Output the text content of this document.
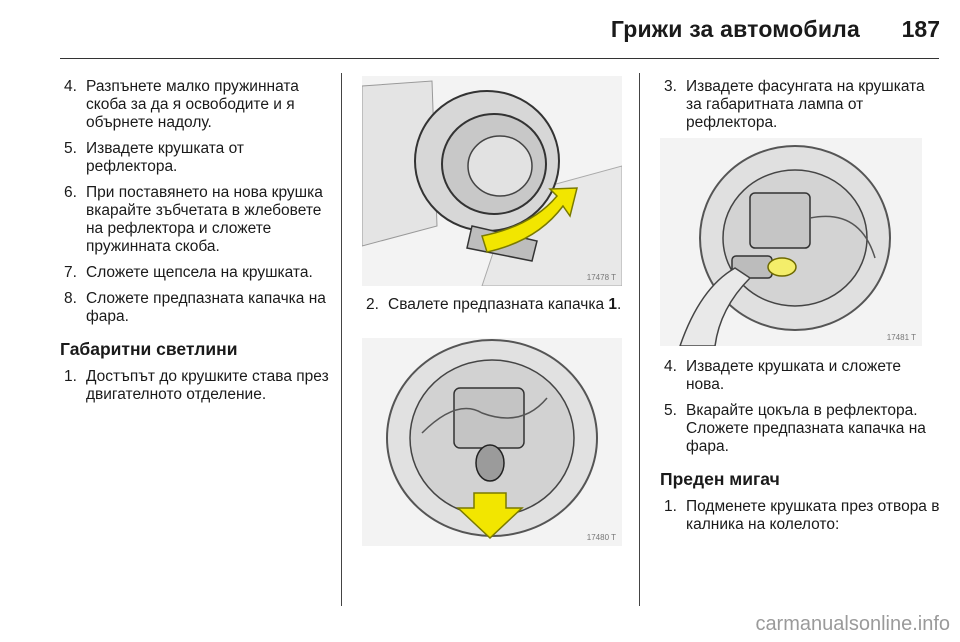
Грижи за автомобила	187
4. Разпънете малко пружинната скоба за да я освободите и я обърнете надолу.
5. Извадете крушката от рефлектора.
6. При поставянето на нова крушка вкарайте зъбчетата в жлебовете на рефлектора и сложете пружинната скоба.
7. Сложете щепсела на крушката.
8. Сложете предпазната капачка на фара.
Габаритни светлини
1. Достъпът до крушките става през двигателното отделение.
17478 T
2. Свалете предпазната капачка 1.
17480 T
3. Извадете фасунгата на крушката за габаритната лампа от рефлектора.
17481 T
4. Извадете крушката и сложете нова.
5. Вкарайте цокъла в рефлектора. Сложете предпазната капачка на фара.
Преден мигач
1. Подменете крушката през отвора в калника на колелото:
carmanualsonline.info
